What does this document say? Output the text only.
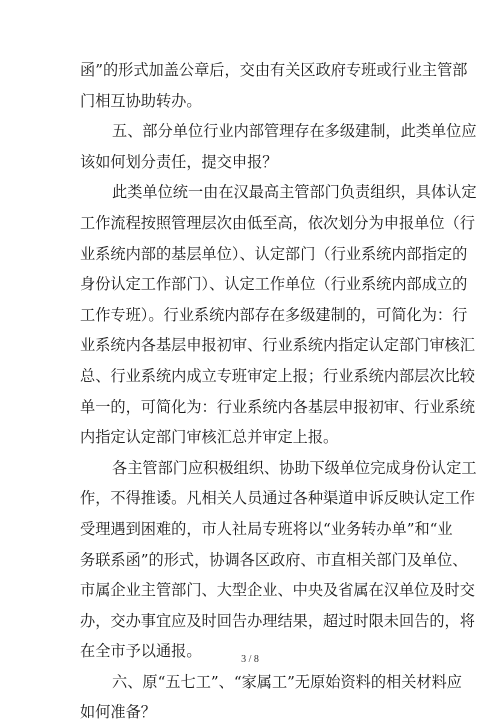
函”的形式加盖公章后，交由有关区政府专班或行业主管部
门相互协助转办。
五、部分单位行业内部管理存在多级建制，此类单位应
该如何划分责任，提交申报？
此类单位统一由在汉最高主管部门负责组织，具体认定
工作流程按照管理层次由低至高，依次划分为申报单位（行
业系统内部的基层单位）、认定部门（行业系统内部指定的
身份认定工作部门）、认定工作单位（行业系统内部成立的
工作专班）。行业系统内部存在多级建制的，可简化为：行
业系统内各基层申报初审、行业系统内指定认定部门审核汇
总、行业系统内成立专班审定上报；行业系统内部层次比较
单一的，可简化为：行业系统内各基层申报初审、行业系统
内指定认定部门审核汇总并审定上报。
各主管部门应积极组织、协助下级单位完成身份认定工
作，不得推诿。凡相关人员通过各种渠道申诉反映认定工作
受理遇到困难的，市人社局专班将以“业务转办单”和“业
务联系函”的形式，协调各区政府、市直相关部门及单位、
市属企业主管部门、大型企业、中央及省属在汉单位及时交
办，交办事宜应及时回告办理结果，超过时限未回告的，将
在全市予以通报。
六、原“五七工”、“家属工”无原始资料的相关材料应
如何准备？
3 / 8
